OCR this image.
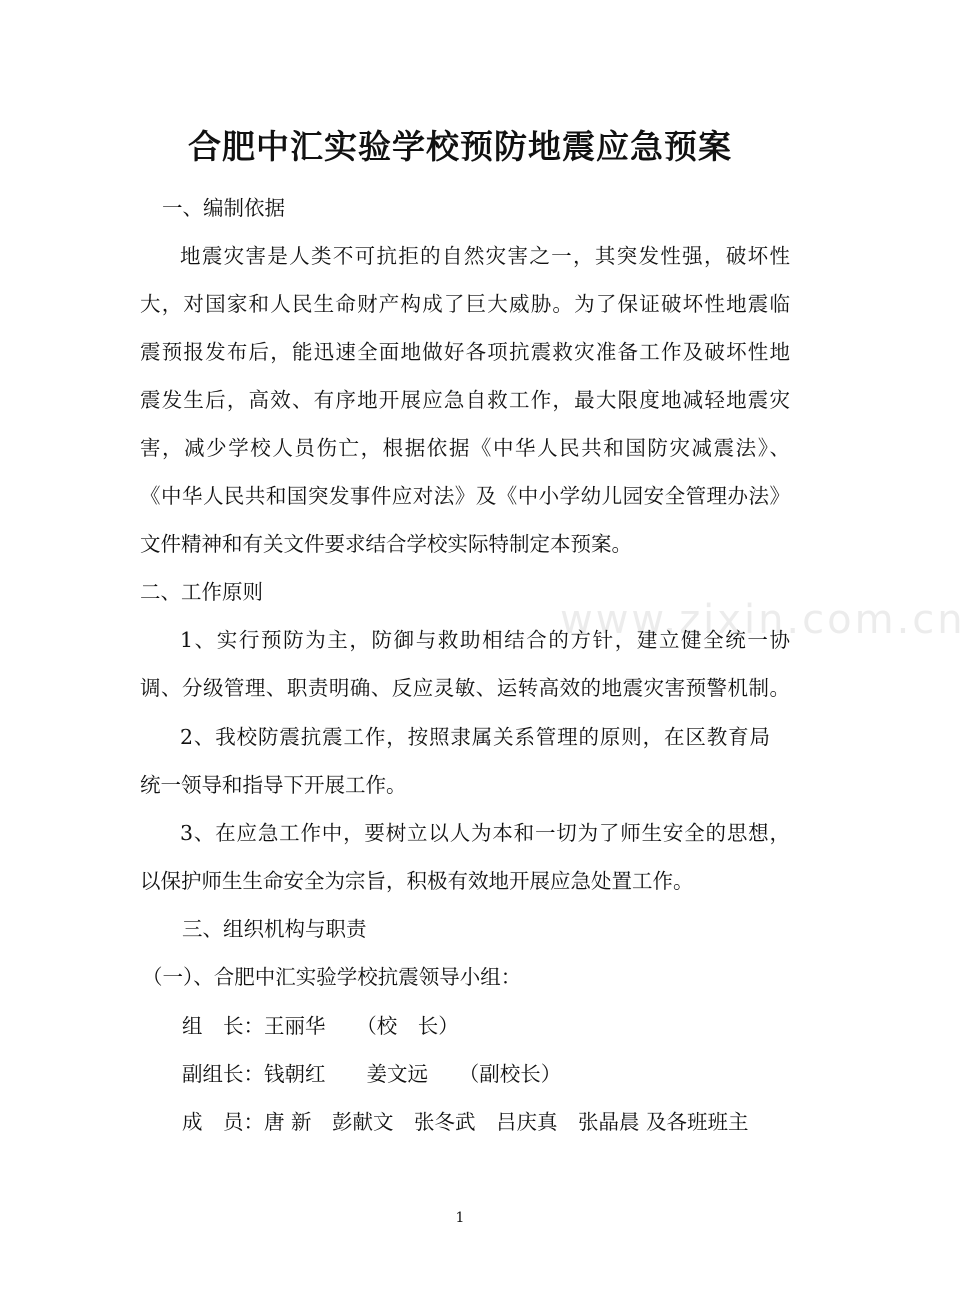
合肥中汇实验学校预防地震应急预案
www.zixin.com.cn
一、编制依据
地震灾害是人类不可抗拒的自然灾害之一，其突发性强，破坏性
大，对国家和人民生命财产构成了巨大威胁。为了保证破坏性地震临
震预报发布后，能迅速全面地做好各项抗震救灾准备工作及破坏性地
震发生后，高效、有序地开展应急自救工作，最大限度地减轻地震灾
害，减少学校人员伤亡，根据依据《中华人民共和国防灾减震法》、
《中华人民共和国突发事件应对法》及《中小学幼儿园安全管理办法》
文件精神和有关文件要求结合学校实际特制定本预案。
二、工作原则
1、实行预防为主，防御与救助相结合的方针，建立健全统一协
调、分级管理、职责明确、反应灵敏、运转高效的地震灾害预警机制。
2、我校防震抗震工作，按照隶属关系管理的原则，在区教育局
统一领导和指导下开展工作。
3、在应急工作中，要树立以人为本和一切为了师生安全的思想，
以保护师生生命安全为宗旨，积极有效地开展应急处置工作。
三、组织机构与职责
（一）、合肥中汇实验学校抗震领导小组：
组　长：王丽华　　（校　长）
副组长：钱朝红　　姜文远　　（副校长）
成　员：唐 新　彭献文　张冬武　吕庆真　张晶晨 及各班班主
1
